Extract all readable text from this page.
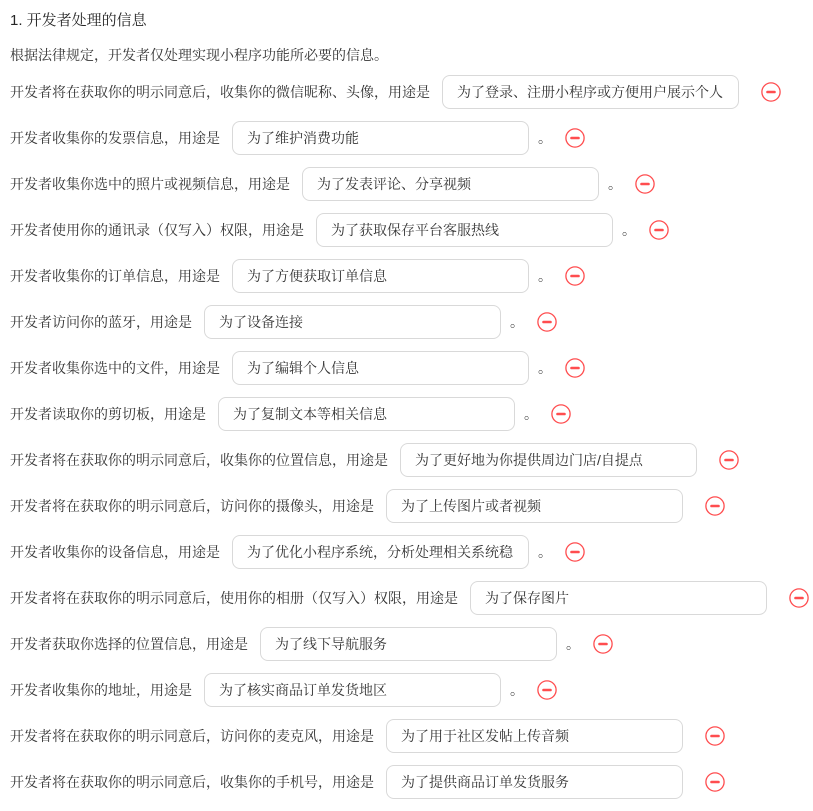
1. 开发者处理的信息

根据法律规定，开发者仅处理实现小程序功能所必要的信息。

开发者将在获取你的明示同意后，收集你的微信昵称、头像，用途是
为了登录、注册小程序或方便用户展示个人
开发者收集你的发票信息，用途是
为了维护消费功能	。
开发者收集你选中的照片或视频信息，用途是
为了发表评论、分享视频	。
开发者使用你的通讯录（仅写入）权限，用途是
为了获取保存平台客服热线	。
开发者收集你的订单信息，用途是
为了方便获取订单信息	。
开发者访问你的蓝牙，用途是
为了设备连接	。
开发者收集你选中的文件，用途是
为了编辑个人信息	。
开发者读取你的剪切板，用途是
为了复制文本等相关信息	。
开发者将在获取你的明示同意后，收集你的位置信息，用途是
为了更好地为你提供周边门店/自提点
开发者将在获取你的明示同意后，访问你的摄像头，用途是
为了上传图片或者视频
开发者收集你的设备信息，用途是
为了优化小程序系统，分析处理相关系统稳	。
开发者将在获取你的明示同意后，使用你的相册（仅写入）权限，用途是
为了保存图片
开发者获取你选择的位置信息，用途是
为了线下导航服务	。
开发者收集你的地址，用途是
为了核实商品订单发货地区	。
开发者将在获取你的明示同意后，访问你的麦克风，用途是
为了用于社区发帖上传音频
开发者将在获取你的明示同意后，收集你的手机号，用途是
为了提供商品订单发货服务
